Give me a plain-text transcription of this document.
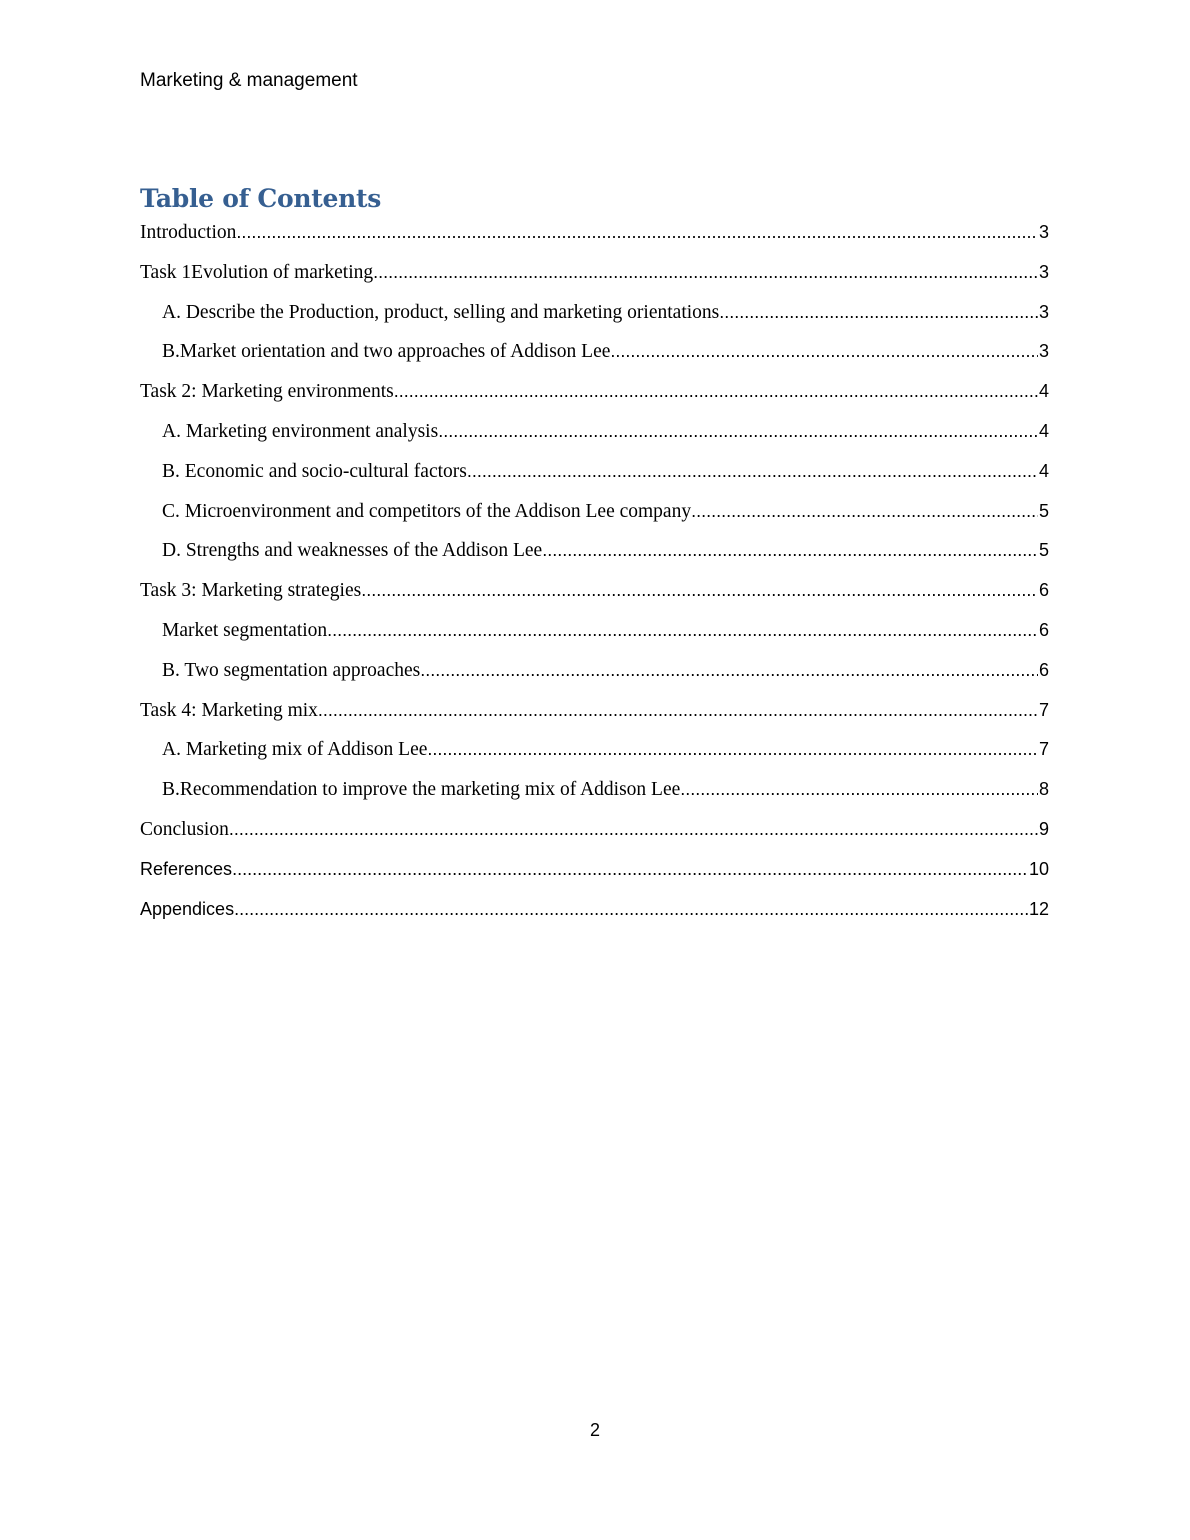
Marketing & management
Table of Contents
Introduction .....	3
Task 1Evolution of marketing .....	3
A. Describe the Production, product, selling and marketing orientations .....	3
B.Market orientation and two approaches of Addison Lee .....	3
Task 2: Marketing environments .....	4
A. Marketing environment analysis .....	4
B. Economic and socio-cultural factors .....	4
C. Microenvironment and competitors of the Addison Lee company .....	5
D. Strengths and weaknesses of the Addison Lee .....	5
Task 3: Marketing strategies .....	6
Market segmentation .....	6
B. Two segmentation approaches .....	6
Task 4: Marketing mix .....	7
A. Marketing mix of Addison Lee .....	7
B.Recommendation to improve the marketing mix of Addison Lee .....	8
Conclusion .....	9
References .....	10
Appendices .....	12
2
